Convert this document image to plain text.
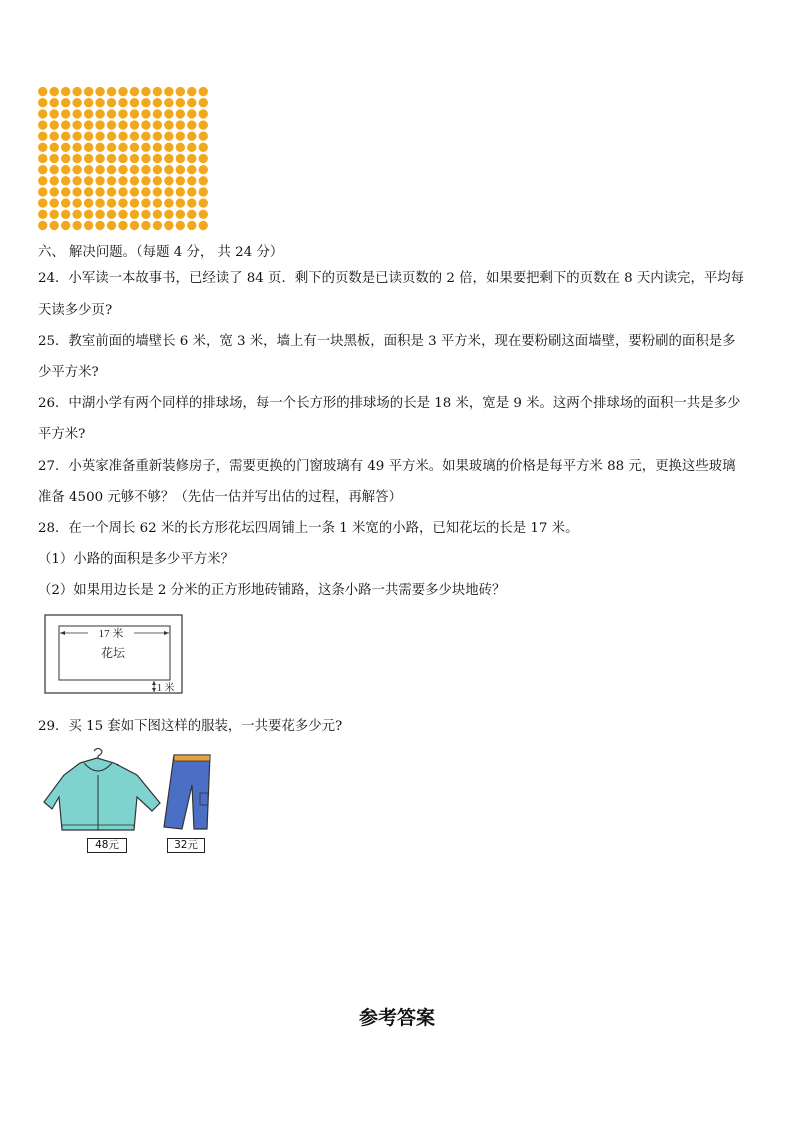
六、 解决问题。（每题 4 分， 共 24 分）
24．小军读一本故事书，已经读了 84 页．剩下的页数是已读页数的 2 倍，如果要把剩下的页数在 8 天内读完，平均每
天读多少页?
25．教室前面的墙壁长 6 米，宽 3 米，墙上有一块黑板，面积是 3 平方米，现在要粉刷这面墙壁，要粉刷的面积是多
少平方米?
26．中湖小学有两个同样的排球场，每一个长方形的排球场的长是 18 米，宽是 9 米。这两个排球场的面积一共是多少
平方米?
27．小英家准备重新装修房子，需要更换的门窗玻璃有 49 平方米。如果玻璃的价格是每平方米 88 元，更换这些玻璃
准备 4500 元够不够？（先估一估并写出估的过程，再解答）
28．在一个周长 62 米的长方形花坛四周铺上一条 1 米宽的小路，已知花坛的长是 17 米。
（1）小路的面积是多少平方米？
（2）如果用边长是 2 分米的正方形地砖铺路，这条小路一共需要多少块地砖？
17 米
花坛
1 米
29．买 15 套如下图这样的服装，一共要花多少元?
48元	32元
参考答案
